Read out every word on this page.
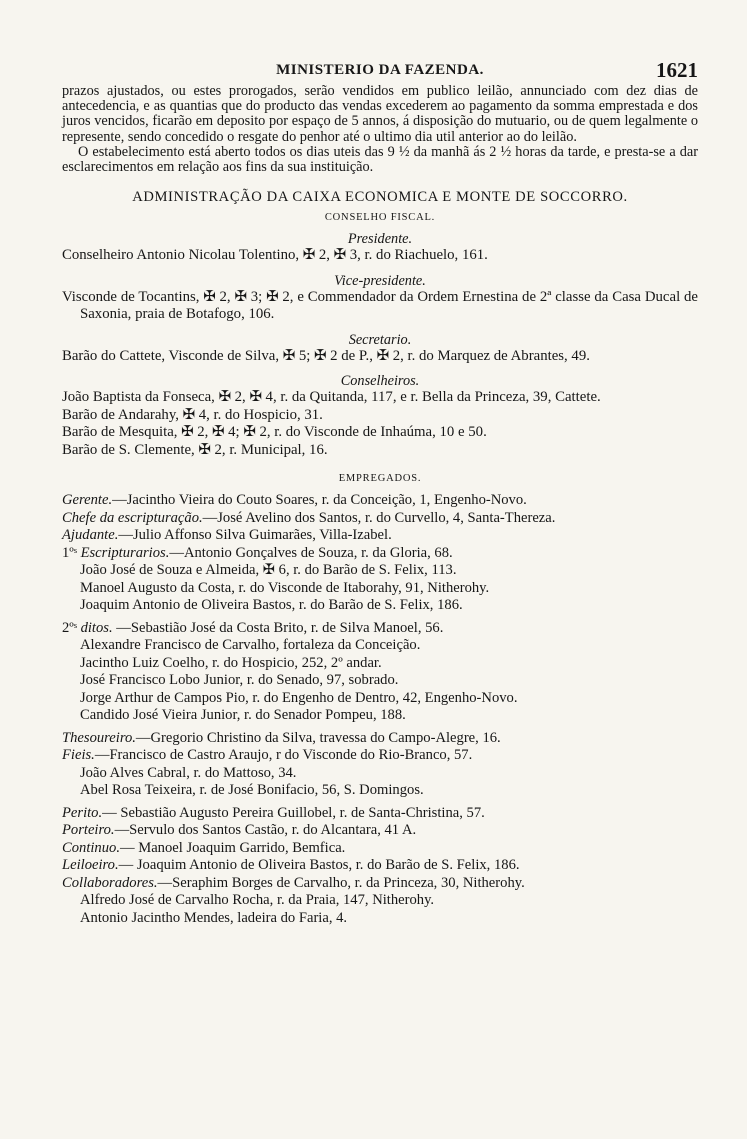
MINISTERIO DA FAZENDA.	1621

prazos ajustados, ou estes prorogados, serão vendidos em publico leilão, annunciado com dez dias de antecedencia, e as quantias que do producto das vendas excederem ao pagamento da somma emprestada e dos juros vencidos, ficarão em deposito por espaço de 5 annos, á disposição do mutuario, ou de quem legalmente o represente, sendo concedido o resgate do penhor até o ultimo dia util anterior ao do leilão.

O estabelecimento está aberto todos os dias uteis das 9 ½ da manhã ás 2 ½ horas da tarde, e presta-se a dar esclarecimentos em relação aos fins da sua instituição.

ADMINISTRAÇÃO DA CAIXA ECONOMICA E MONTE DE SOCCORRO.
CONSELHO FISCAL.
Presidente.
Conselheiro Antonio Nicolau Tolentino, ✠ 2, ✠ 3, r. do Riachuelo, 161.
Vice-presidente.
Visconde de Tocantins, ✠ 2, ✠ 3; ✠ 2, e Commendador da Ordem Ernestina de 2ª classe da Casa Ducal de Saxonia, praia de Botafogo, 106.
Secretario.
Barão do Cattete, Visconde de Silva, ✠ 5; ✠ 2 de P., ✠ 2, r. do Marquez de Abrantes, 49.
Conselheiros.
João Baptista da Fonseca, ✠ 2, ✠ 4, r. da Quitanda, 117, e r. Bella da Princeza, 39, Cattete.
Barão de Andarahy, ✠ 4, r. do Hospicio, 31.
Barão de Mesquita, ✠ 2, ✠ 4; ✠ 2, r. do Visconde de Inhaúma, 10 e 50.
Barão de S. Clemente, ✠ 2, r. Municipal, 16.
EMPREGADOS.
Gerente.—Jacintho Vieira do Couto Soares, r. da Conceição, 1, Engenho-Novo.
Chefe da escripturação.—José Avelino dos Santos, r. do Curvello, 4, Santa-Thereza.
Ajudante.—Julio Affonso Silva Guimarães, Villa-Izabel.
1ºˢ Escripturarios.—Antonio Gonçalves de Souza, r. da Gloria, 68.
João José de Souza e Almeida, ✠ 6, r. do Barão de S. Felix, 113.
Manoel Augusto da Costa, r. do Visconde de Itaborahy, 91, Nitherohy.
Joaquim Antonio de Oliveira Bastos, r. do Barão de S. Felix, 186.
2ºˢ ditos. —Sebastião José da Costa Brito, r. de Silva Manoel, 56.
Alexandre Francisco de Carvalho, fortaleza da Conceição.
Jacintho Luiz Coelho, r. do Hospicio, 252, 2º andar.
José Francisco Lobo Junior, r. do Senado, 97, sobrado.
Jorge Arthur de Campos Pio, r. do Engenho de Dentro, 42, Engenho-Novo.
Candido José Vieira Junior, r. do Senador Pompeu, 188.
Thesoureiro.—Gregorio Christino da Silva, travessa do Campo-Alegre, 16.
Fieis.—Francisco de Castro Araujo, r do Visconde do Rio-Branco, 57.
João Alves Cabral, r. do Mattoso, 34.
Abel Rosa Teixeira, r. de José Bonifacio, 56, S. Domingos.
Perito.— Sebastião Augusto Pereira Guillobel, r. de Santa-Christina, 57.
Porteiro.—Servulo dos Santos Castão, r. do Alcantara, 41 A.
Continuo.— Manoel Joaquim Garrido, Bemfica.
Leiloeiro.— Joaquim Antonio de Oliveira Bastos, r. do Barão de S. Felix, 186.
Collaboradores.—Seraphim Borges de Carvalho, r. da Princeza, 30, Nitherohy.
Alfredo José de Carvalho Rocha, r. da Praia, 147, Nitherohy.
Antonio Jacintho Mendes, ladeira do Faria, 4.
